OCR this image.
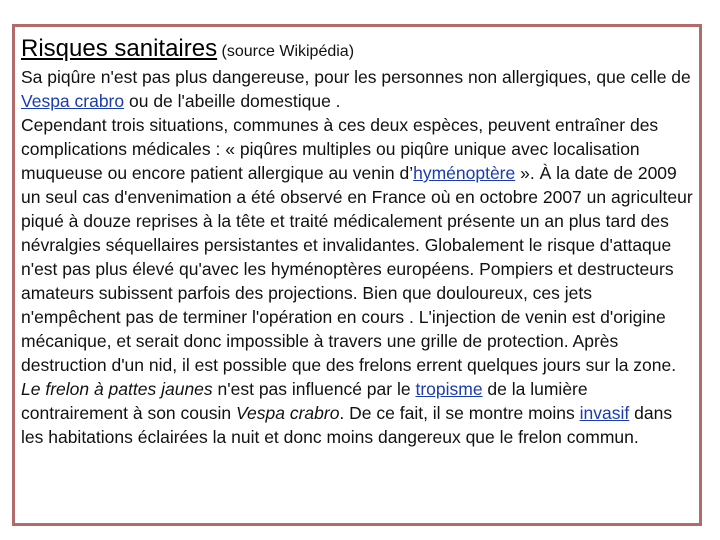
Risques sanitaires (source Wikipédia)
Sa piqûre n'est pas plus dangereuse, pour les personnes non allergiques, que celle de Vespa crabro ou de l'abeille domestique .
Cependant trois situations, communes à ces deux espèces, peuvent entraîner des complications médicales : « piqûres multiples ou piqûre unique avec localisation muqueuse ou encore patient allergique au venin d’hyménoptère ». À la date de 2009 un seul cas d'envenimation a été observé en France où en octobre 2007 un agriculteur piqué à douze reprises à la tête et traité médicalement présente un an plus tard des névralgies séquellaires persistantes et invalidantes. Globalement le risque d'attaque n'est pas plus élevé qu'avec les hyménoptères européens. Pompiers et destructeurs amateurs subissent parfois des projections. Bien que douloureux, ces jets n'empêchent pas de terminer l'opération en cours . L'injection de venin est d'origine mécanique, et serait donc impossible à travers une grille de protection. Après destruction d'un nid, il est possible que des frelons errent quelques jours sur la zone.
Le frelon à pattes jaunes n'est pas influencé par le tropisme de la lumière contrairement à son cousin Vespa crabro. De ce fait, il se montre moins invasif dans les habitations éclairées la nuit et donc moins dangereux que le frelon commun.
